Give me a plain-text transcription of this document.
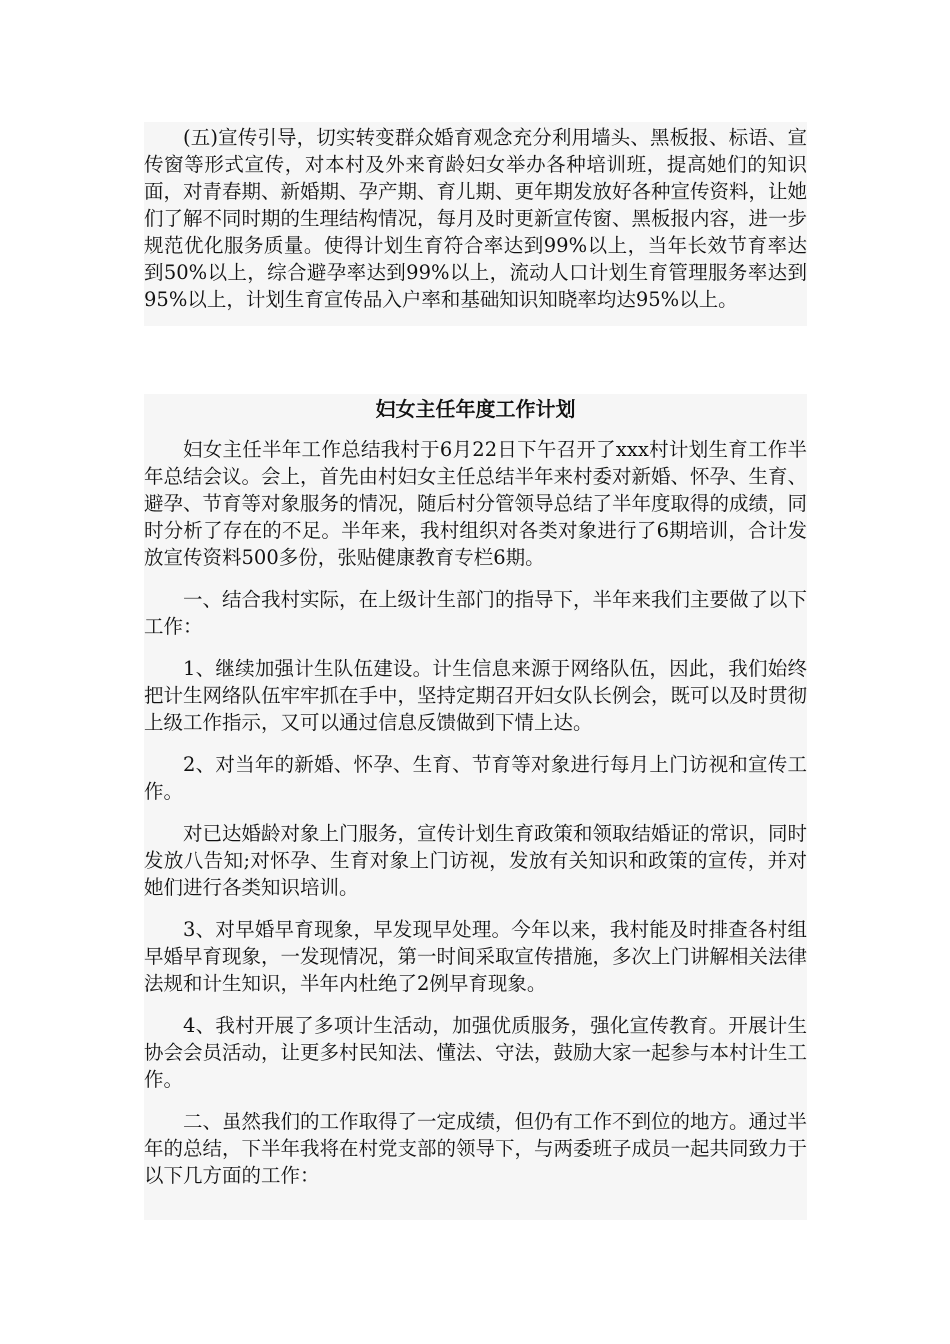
(五)宣传引导，切实转变群众婚育观念充分利用墙头、黑板报、标语、宣传窗等形式宣传，对本村及外来育龄妇女举办各种培训班，提高她们的知识面，对青春期、新婚期、孕产期、育儿期、更年期发放好各种宣传资料，让她们了解不同时期的生理结构情况，每月及时更新宣传窗、黑板报内容，进一步规范优化服务质量。使得计划生育符合率达到99%以上，当年长效节育率达到50%以上，综合避孕率达到99%以上，流动人口计划生育管理服务率达到95%以上，计划生育宣传品入户率和基础知识知晓率均达95%以上。

妇女主任年度工作计划

妇女主任半年工作总结我村于6月22日下午召开了xxx村计划生育工作半年总结会议。会上，首先由村妇女主任总结半年来村委对新婚、怀孕、生育、避孕、节育等对象服务的情况，随后村分管领导总结了半年度取得的成绩，同时分析了存在的不足。半年来，我村组织对各类对象进行了6期培训，合计发放宣传资料500多份，张贴健康教育专栏6期。

一、结合我村实际，在上级计生部门的指导下，半年来我们主要做了以下工作：

1、继续加强计生队伍建设。计生信息来源于网络队伍，因此，我们始终把计生网络队伍牢牢抓在手中，坚持定期召开妇女队长例会，既可以及时贯彻上级工作指示，又可以通过信息反馈做到下情上达。

2、对当年的新婚、怀孕、生育、节育等对象进行每月上门访视和宣传工作。

对已达婚龄对象上门服务，宣传计划生育政策和领取结婚证的常识，同时发放八告知;对怀孕、生育对象上门访视，发放有关知识和政策的宣传，并对她们进行各类知识培训。

3、对早婚早育现象，早发现早处理。今年以来，我村能及时排查各村组早婚早育现象，一发现情况，第一时间采取宣传措施，多次上门讲解相关法律法规和计生知识，半年内杜绝了2例早育现象。

4、我村开展了多项计生活动，加强优质服务，强化宣传教育。开展计生协会会员活动，让更多村民知法、懂法、守法，鼓励大家一起参与本村计生工作。

二、虽然我们的工作取得了一定成绩，但仍有工作不到位的地方。通过半年的总结，下半年我将在村党支部的领导下，与两委班子成员一起共同致力于以下几方面的工作：
